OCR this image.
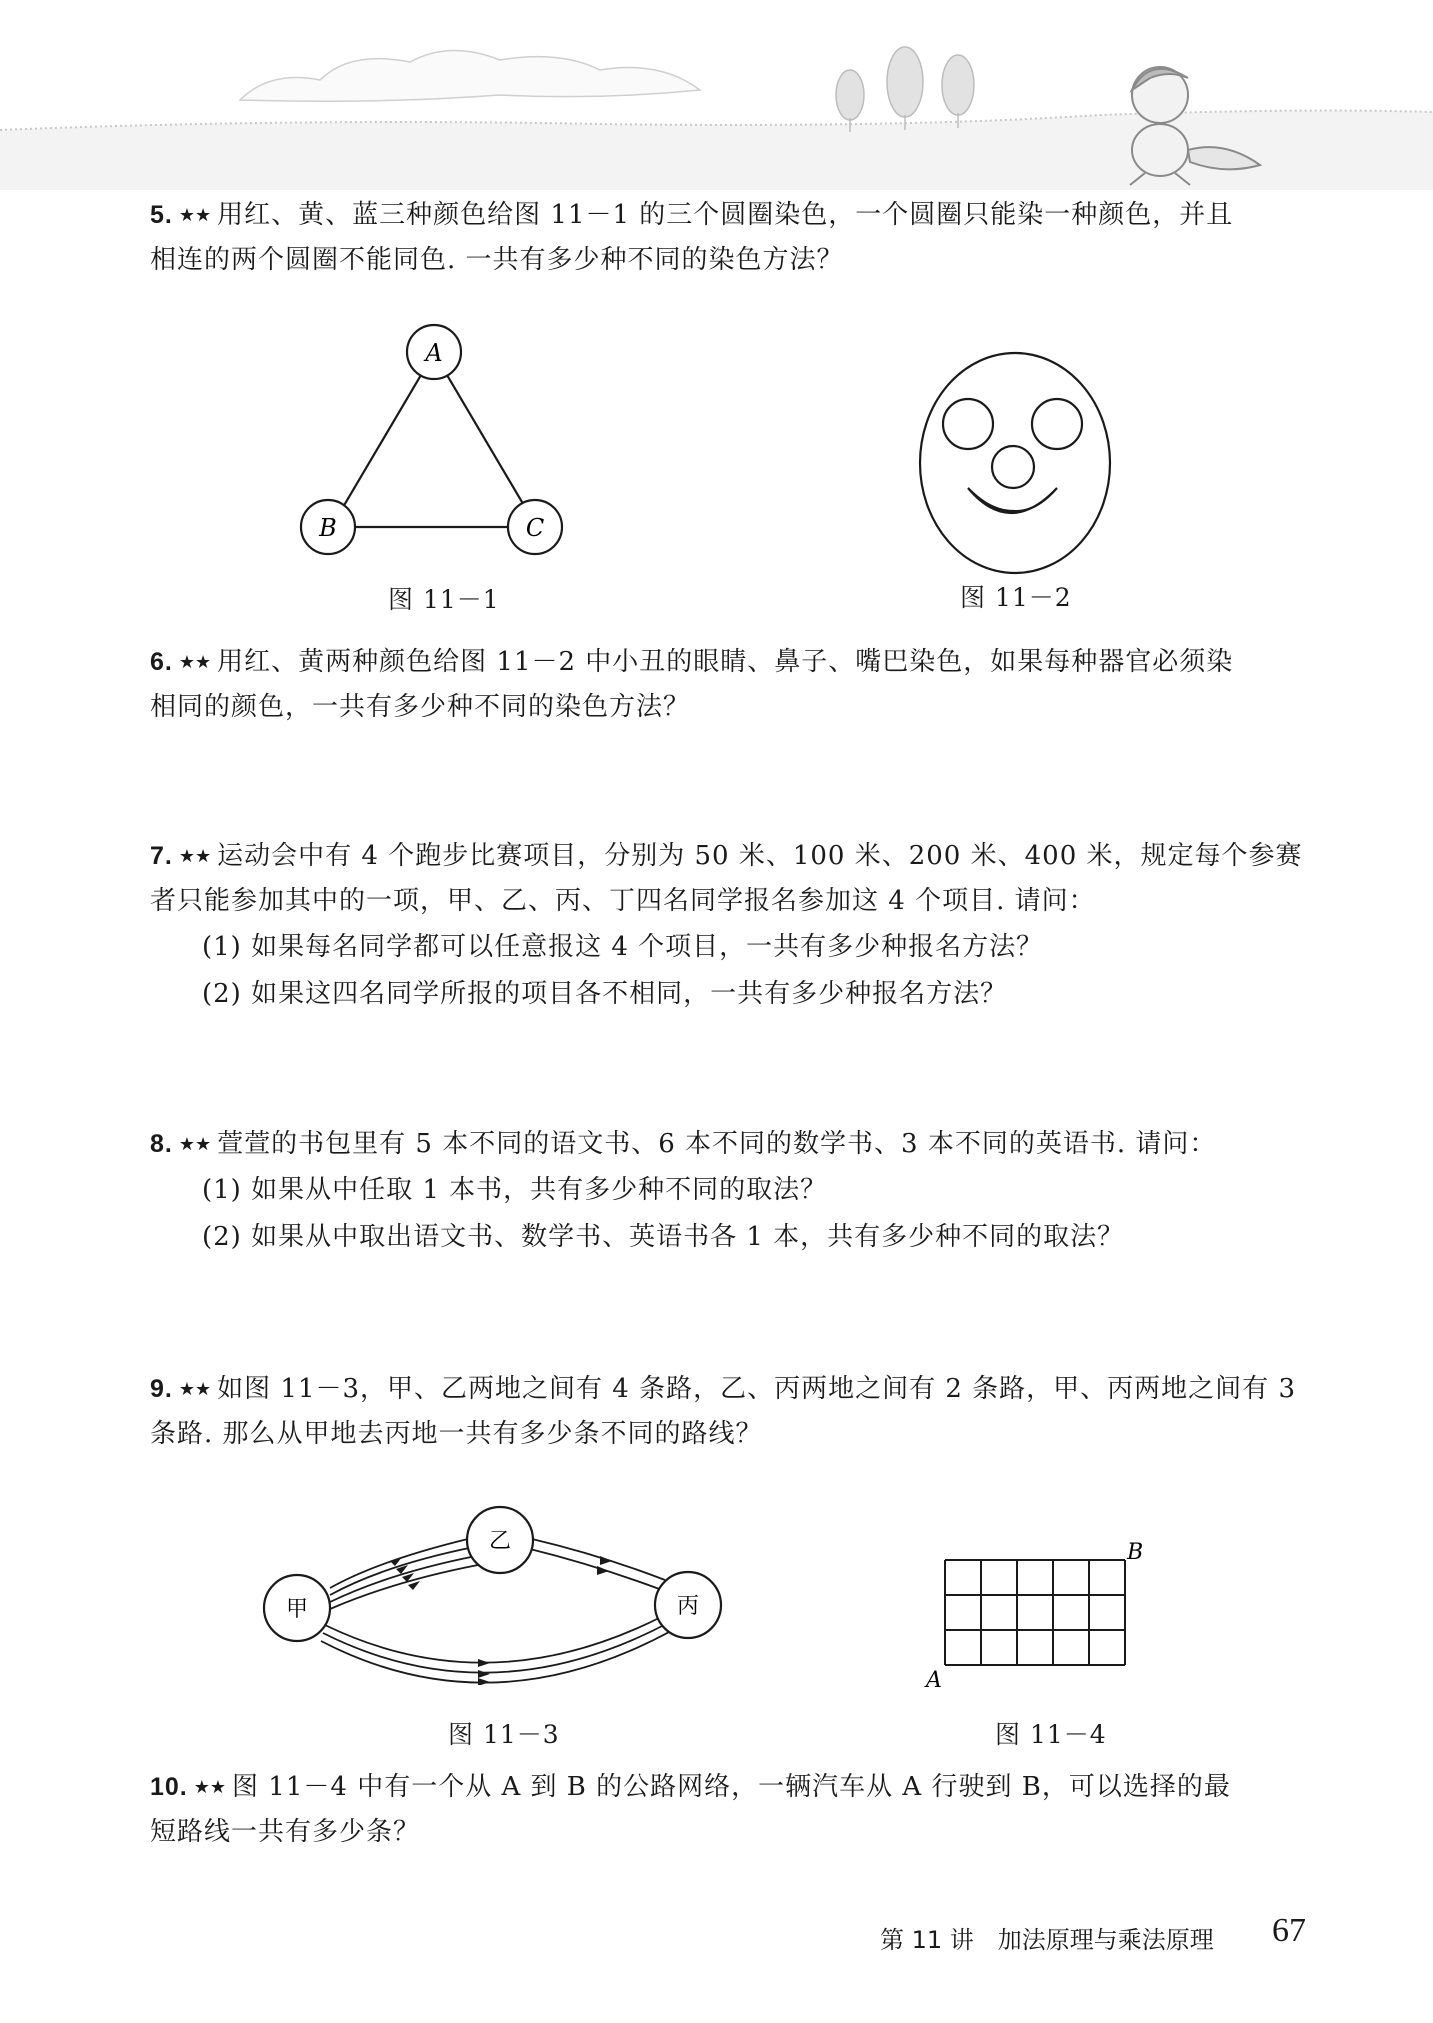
5. ★★ 用红、黄、蓝三种颜色给图 11－1 的三个圆圈染色，一个圆圈只能染一种颜色，并且
相连的两个圆圈不能同色. 一共有多少种不同的染色方法？
A
B	C
图 11－1	图 11－2
6. ★★ 用红、黄两种颜色给图 11－2 中小丑的眼睛、鼻子、嘴巴染色，如果每种器官必须染
相同的颜色，一共有多少种不同的染色方法？
7. ★★ 运动会中有 4 个跑步比赛项目，分别为 50 米、100 米、200 米、400 米，规定每个参赛
者只能参加其中的一项，甲、乙、丙、丁四名同学报名参加这 4 个项目. 请问：
(1) 如果每名同学都可以任意报这 4 个项目，一共有多少种报名方法？
(2) 如果这四名同学所报的项目各不相同，一共有多少种报名方法？
8. ★★ 萱萱的书包里有 5 本不同的语文书、6 本不同的数学书、3 本不同的英语书. 请问：
(1) 如果从中任取 1 本书，共有多少种不同的取法？
(2) 如果从中取出语文书、数学书、英语书各 1 本，共有多少种不同的取法？
9. ★★ 如图 11－3，甲、乙两地之间有 4 条路，乙、丙两地之间有 2 条路，甲、丙两地之间有 3
条路. 那么从甲地去丙地一共有多少条不同的路线？
甲
乙
丙
图 11－3
A
B
图 11－4
10. ★★ 图 11－4 中有一个从 A 到 B 的公路网络，一辆汽车从 A 行驶到 B，可以选择的最
短路线一共有多少条？
第 11 讲  加法原理与乘法原理 67
